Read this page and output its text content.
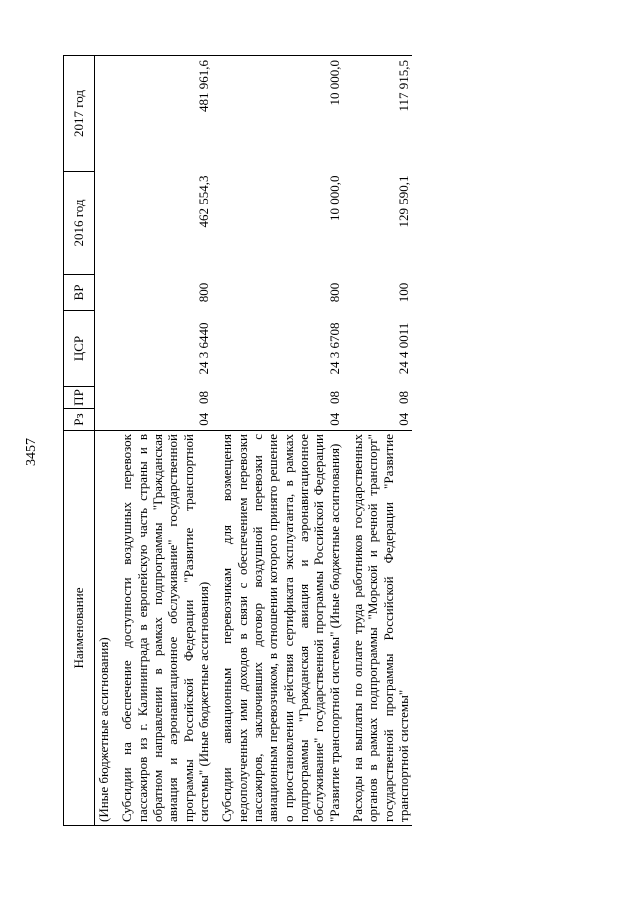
3457
Наименование	Рз	ПР	ЦСР	ВР	2016 год	2017 год
(Иные бюджетные ассигнования)						

Субсидии на обеспечение доступности воздушных перевозок пассажиров из г. Калининграда в европейскую часть страны и в обратном направлении в рамках подпрограммы "Гражданская авиация и аэронавигационное обслуживание" государственной программы Российской Федерации "Развитие транспортной системы" (Иные бюджетные ассигнования)	04	08	24 3 6440	800	462 554,3	481 961,6

Субсидии авиационным перевозчикам для возмещения недополученных ими доходов в связи с обеспечением перевозки пассажиров, заключивших договор воздушной перевозки с авиационным перевозчиком, в отношении которого принято решение о приостановлении действия сертификата эксплуатанта, в рамках подпрограммы "Гражданская авиация и аэронавигационное обслуживание" государственной программы Российской Федерации "Развитие транспортной системы" (Иные бюджетные ассигнования)	04	08	24 3 6708	800	10 000,0	10 000,0

Расходы на выплаты по оплате труда работников государственных органов в рамках подпрограммы "Морской и речной транспорт" государственной программы Российской Федерации "Развитие транспортной системы"	04	08	24 4 0011	100	129 590,1	117 915,5
